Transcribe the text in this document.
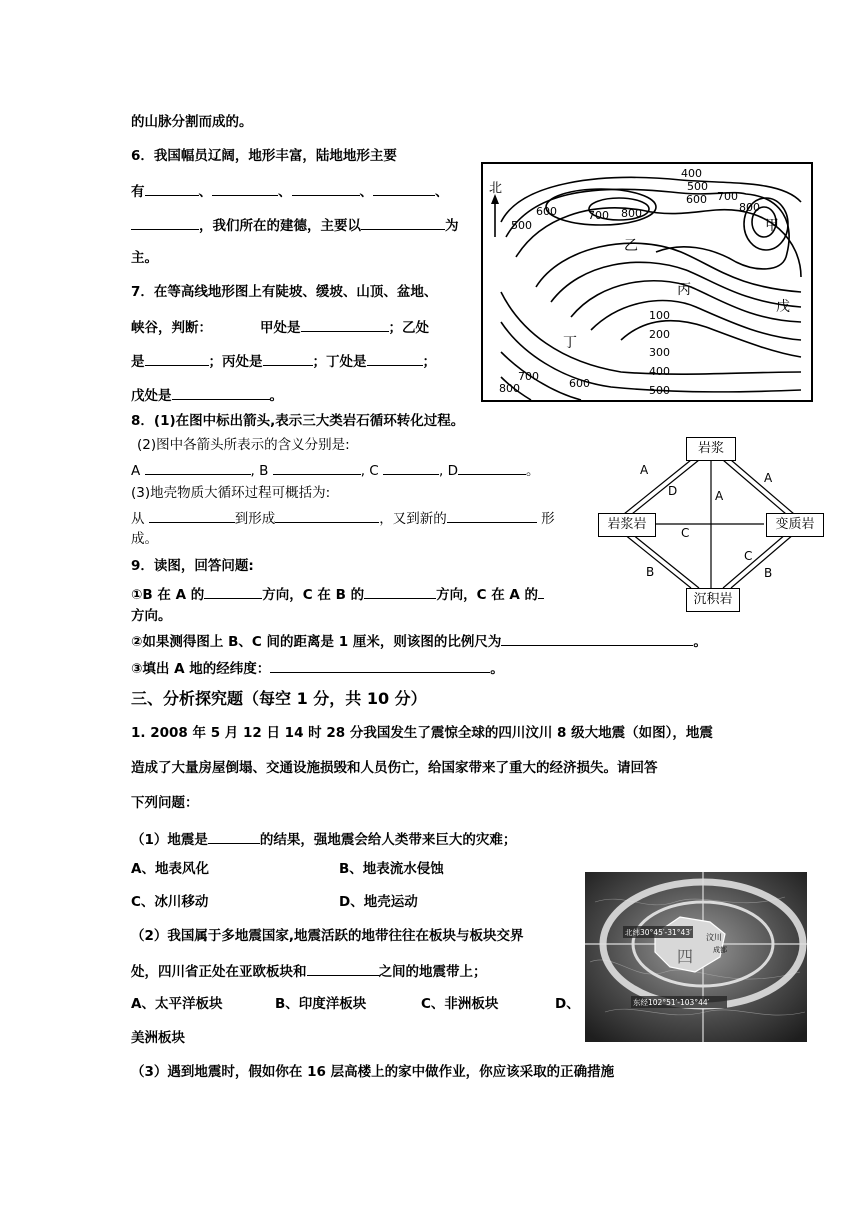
的山脉分割而成的。
6．我国幅员辽阔，地形丰富，陆地地形主要
有	、	、	、	、
，我们所在的建德，主要以	为
主。
7．在等高线地形图上有陡坡、缓坡、山顶、盆地、
峡谷，判断：	甲处是	；乙处
是	；丙处是	；丁处是	；
戊处是	。
北
400
500
600 700
800
500
600	700 800
100
200
300
400
500
700
600
800
甲
乙
丙
丁
戊
8．(1)在图中标出箭头,表示三大类岩石循环转化过程。
(2)图中各箭头所表示的含义分别是:
A	, B	, C	, D	。
(3)地壳物质大循环过程可概括为:
从	到形成	，又到新的	形
成。
A
A
A
D
C
C
B	B
岩浆
岩浆岩	变质岩
沉积岩
9．读图，回答问题:
①B 在 A 的	方向，C 在 B 的	方向，C 在 A 的
方向。
②如果测得图上 B、C 间的距离是 1 厘米，则该图的比例尺为	。
③填出 A 地的经纬度：	。
三、分析探究题（每空 1 分，共 10 分）
1. 2008 年 5 月 12 日 14 时 28 分我国发生了震惊全球的四川汶川 8 级大地震（如图），地震
造成了大量房屋倒塌、交通设施损毁和人员伤亡，给国家带来了重大的经济损失。请回答
下列问题：
（1）地震是	的结果，强地震会给人类带来巨大的灾难；
A、地表风化	B、地表流水侵蚀
C、冰川移动	D、地壳运动
（2）我国属于多地震国家,地震活跃的地带往往在板块与板块交界
处，四川省正处在亚欧板块和	之间的地震带上；
A、太平洋板块	B、印度洋板块	C、非洲板块	D、
美洲板块
（3）遇到地震时，假如你在 16 层高楼上的家中做作业，你应该采取的正确措施
北纬30°45′-31°43′
汶川
成都
四
东经102°51′-103°44′
